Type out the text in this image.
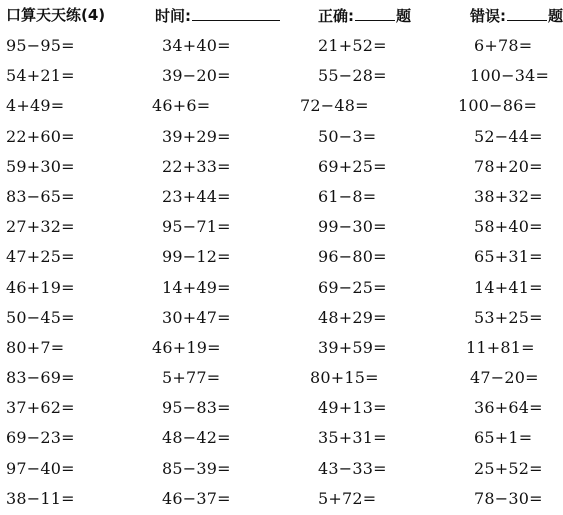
口算天天练(4)	时间:	正确:	题	错误:	题
95−95=	34+40=	21+52=	6+78=
54+21=	39−20=	55−28=	100−34=
4+49=	46+6=	72−48=	100−86=
22+60=	39+29=	50−3=	52−44=
59+30=	22+33=	69+25=	78+20=
83−65=	23+44=	61−8=	38+32=
27+32=	95−71=	99−30=	58+40=
47+25=	99−12=	96−80=	65+31=
46+19=	14+49=	69−25=	14+41=
50−45=	30+47=	48+29=	53+25=
80+7=	46+19=	39+59=	11+81=
83−69=	5+77=	80+15=	47−20=
37+62=	95−83=	49+13=	36+64=
69−23=	48−42=	35+31=	65+1=
97−40=	85−39=	43−33=	25+52=
38−11=	46−37=	5+72=	78−30=
